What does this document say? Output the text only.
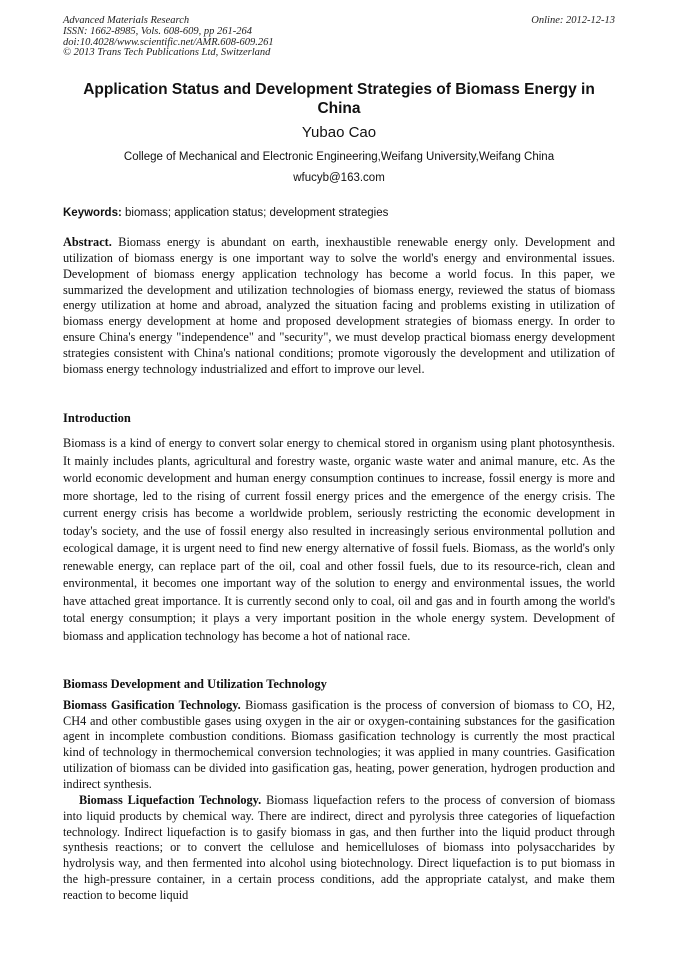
Advanced Materials Research
ISSN: 1662-8985, Vols. 608-609, pp 261-264
doi:10.4028/www.scientific.net/AMR.608-609.261
© 2013 Trans Tech Publications Ltd, Switzerland
Online: 2012-12-13
Application Status and Development Strategies of Biomass Energy in China
Yubao Cao
College of Mechanical and Electronic Engineering,Weifang University,Weifang China
wfucyb@163.com
Keywords: biomass; application status; development strategies
Abstract. Biomass energy is abundant on earth, inexhaustible renewable energy only. Development and utilization of biomass energy is one important way to solve the world's energy and environmental issues. Development of biomass energy application technology has become a world focus. In this paper, we summarized the development and utilization technologies of biomass energy, reviewed the status of biomass energy utilization at home and abroad, analyzed the situation facing and problems existing in utilization of biomass energy development at home and proposed development strategies of biomass energy. In order to ensure China's energy "independence" and "security", we must develop practical biomass energy development strategies consistent with China's national conditions; promote vigorously the development and utilization of biomass energy technology industrialized and effort to improve our level.
Introduction
Biomass is a kind of energy to convert solar energy to chemical stored in organism using plant photosynthesis. It mainly includes plants, agricultural and forestry waste, organic waste water and animal manure, etc. As the world economic development and human energy consumption continues to increase, fossil energy is more and more shortage, led to the rising of current fossil energy prices and the emergence of the energy crisis. The current energy crisis has become a worldwide problem, seriously restricting the economic development in today's society, and the use of fossil energy also resulted in increasingly serious environmental pollution and ecological damage, it is urgent need to find new energy alternative of fossil fuels. Biomass, as the world's only renewable energy, can replace part of the oil, coal and other fossil fuels, due to its resource-rich, clean and environmental, it becomes one important way of the solution to energy and environmental issues, the world have attached great importance. It is currently second only to coal, oil and gas and in fourth among the world's total energy consumption; it plays a very important position in the whole energy system. Development of biomass and application technology has become a hot of national race.
Biomass Development and Utilization Technology
Biomass Gasification Technology. Biomass gasification is the process of conversion of biomass to CO, H2, CH4 and other combustible gases using oxygen in the air or oxygen-containing substances for the gasification agent in incomplete combustion conditions. Biomass gasification technology is currently the most practical kind of technology in thermochemical conversion technologies; it was applied in many countries. Gasification utilization of biomass can be divided into gasification gas, heating, power generation, hydrogen production and indirect synthesis.
Biomass Liquefaction Technology. Biomass liquefaction refers to the process of conversion of biomass into liquid products by chemical way. There are indirect, direct and pyrolysis three categories of liquefaction technology. Indirect liquefaction is to gasify biomass in gas, and then further into the liquid product through synthesis reactions; or to convert the cellulose and hemicelluloses of biomass into polysaccharides by hydrolysis way, and then fermented into alcohol using biotechnology. Direct liquefaction is to put biomass in the high-pressure container, in a certain process conditions, add the appropriate catalyst, and make them reaction to become liquid
